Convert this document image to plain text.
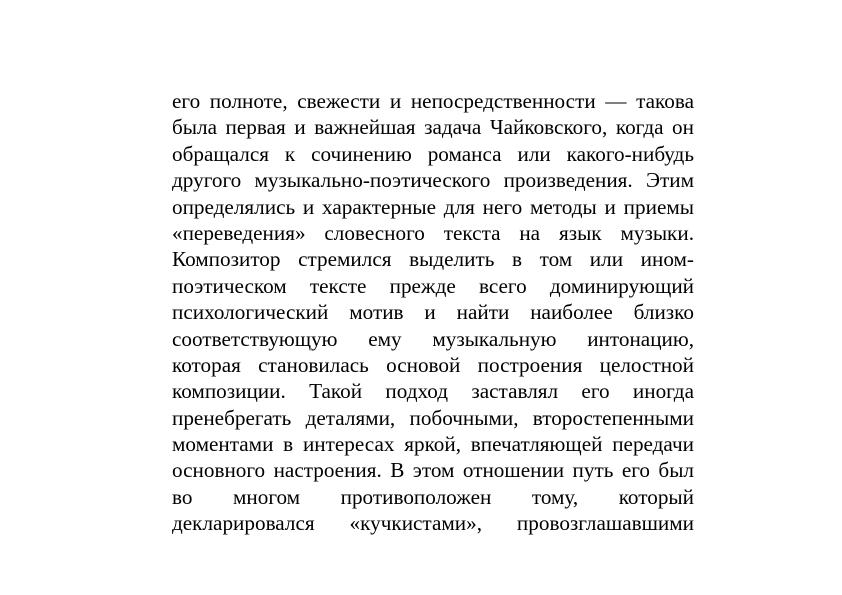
его полноте, свежести и непосредственности — такова
была первая и важнейшая задача Чайковского, когда он
обращался к сочинению романса или какого-нибудь
другого музыкально-поэтического произведения. Этим
определялись и характерные для него методы и приемы
«переведения» словесного текста на язык музыки.
Композитор стремился выделить в том или ином-
поэтическом тексте прежде всего доминирующий
психологический мотив и найти наиболее близко
соответствующую ему музыкальную интонацию,
которая становилась основой построения целостной
композиции. Такой подход заставлял его иногда
пренебрегать деталями, побочными, второстепенными
моментами в интересах яркой, впечатляющей передачи
основного настроения. В этом отношении путь его был
во многом противоположен тому, который
декларировался «кучкистами», провозглашавшими
